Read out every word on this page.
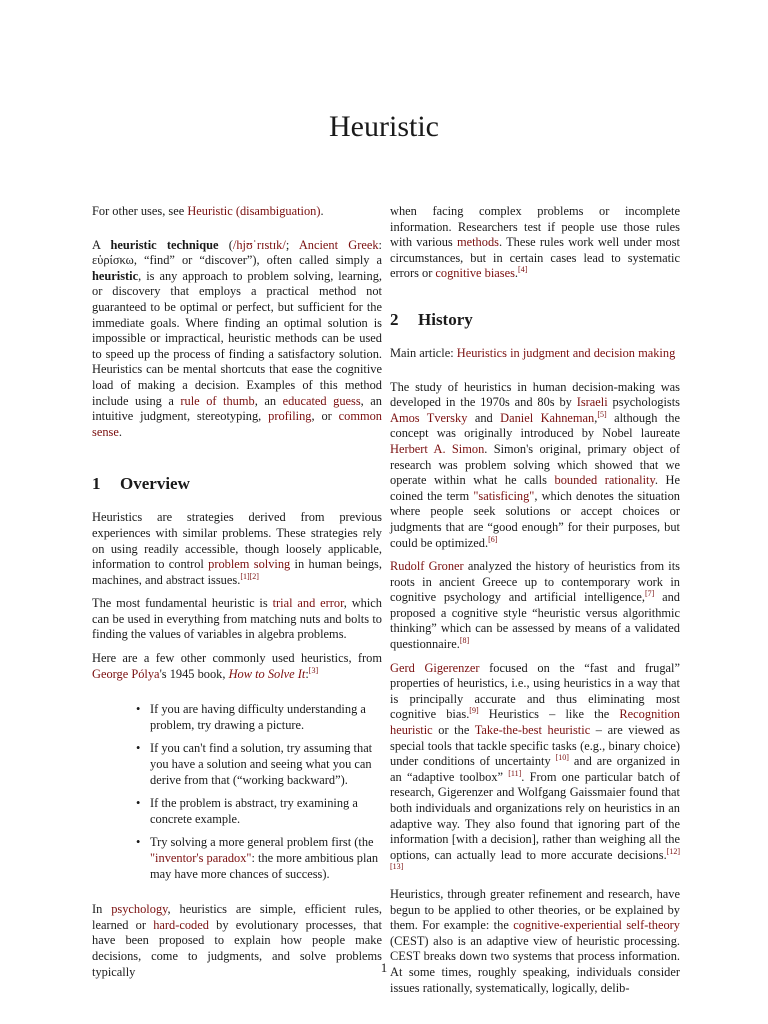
Heuristic

For other uses, see Heuristic (disambiguation).

A heuristic technique (/hjʊˈrɪstɪk/; Ancient Greek: εὑρίσκω, “find” or “discover”), often called simply a heuristic, is any approach to problem solving, learning, or discovery that employs a practical method not guaranteed to be optimal or perfect, but sufficient for the immediate goals. Where finding an optimal solution is impossible or impractical, heuristic methods can be used to speed up the process of finding a satisfactory solution. Heuristics can be mental shortcuts that ease the cognitive load of making a decision. Examples of this method include using a rule of thumb, an educated guess, an intuitive judgment, stereotyping, profiling, or common sense.

1 Overview

Heuristics are strategies derived from previous experiences with similar problems. These strategies rely on using readily accessible, though loosely applicable, information to control problem solving in human beings, machines, and abstract issues.[1][2]

The most fundamental heuristic is trial and error, which can be used in everything from matching nuts and bolts to finding the values of variables in algebra problems.

Here are a few other commonly used heuristics, from George Pólya's 1945 book, How to Solve It:[3]

• If you are having difficulty understanding a problem, try drawing a picture.
• If you can't find a solution, try assuming that you have a solution and seeing what you can derive from that (“working backward”).
• If the problem is abstract, try examining a concrete example.
• Try solving a more general problem first (the "inventor's paradox": the more ambitious plan may have more chances of success).

In psychology, heuristics are simple, efficient rules, learned or hard-coded by evolutionary processes, that have been proposed to explain how people make decisions, come to judgments, and solve problems typically

when facing complex problems or incomplete information. Researchers test if people use those rules with various methods. These rules work well under most circumstances, but in certain cases lead to systematic errors or cognitive biases.[4]

2 History

Main article: Heuristics in judgment and decision making

The study of heuristics in human decision-making was developed in the 1970s and 80s by Israeli psychologists Amos Tversky and Daniel Kahneman,[5] although the concept was originally introduced by Nobel laureate Herbert A. Simon. Simon's original, primary object of research was problem solving which showed that we operate within what he calls bounded rationality. He coined the term "satisficing", which denotes the situation where people seek solutions or accept choices or judgments that are “good enough” for their purposes, but could be optimized.[6]

Rudolf Groner analyzed the history of heuristics from its roots in ancient Greece up to contemporary work in cognitive psychology and artificial intelligence,[7] and proposed a cognitive style “heuristic versus algorithmic thinking” which can be assessed by means of a validated questionnaire.[8]

Gerd Gigerenzer focused on the “fast and frugal” properties of heuristics, i.e., using heuristics in a way that is principally accurate and thus eliminating most cognitive bias.[9] Heuristics – like the Recognition heuristic or the Take-the-best heuristic – are viewed as special tools that tackle specific tasks (e.g., binary choice) under conditions of uncertainty [10] and are organized in an “adaptive toolbox” [11]. From one particular batch of research, Gigerenzer and Wolfgang Gaissmaier found that both individuals and organizations rely on heuristics in an adaptive way. They also found that ignoring part of the information [with a decision], rather than weighing all the options, can actually lead to more accurate decisions.[12][13]

Heuristics, through greater refinement and research, have begun to be applied to other theories, or be explained by them. For example: the cognitive-experiential self-theory (CEST) also is an adaptive view of heuristic processing. CEST breaks down two systems that process information. At some times, roughly speaking, individuals consider issues rationally, systematically, logically, delib-

1
